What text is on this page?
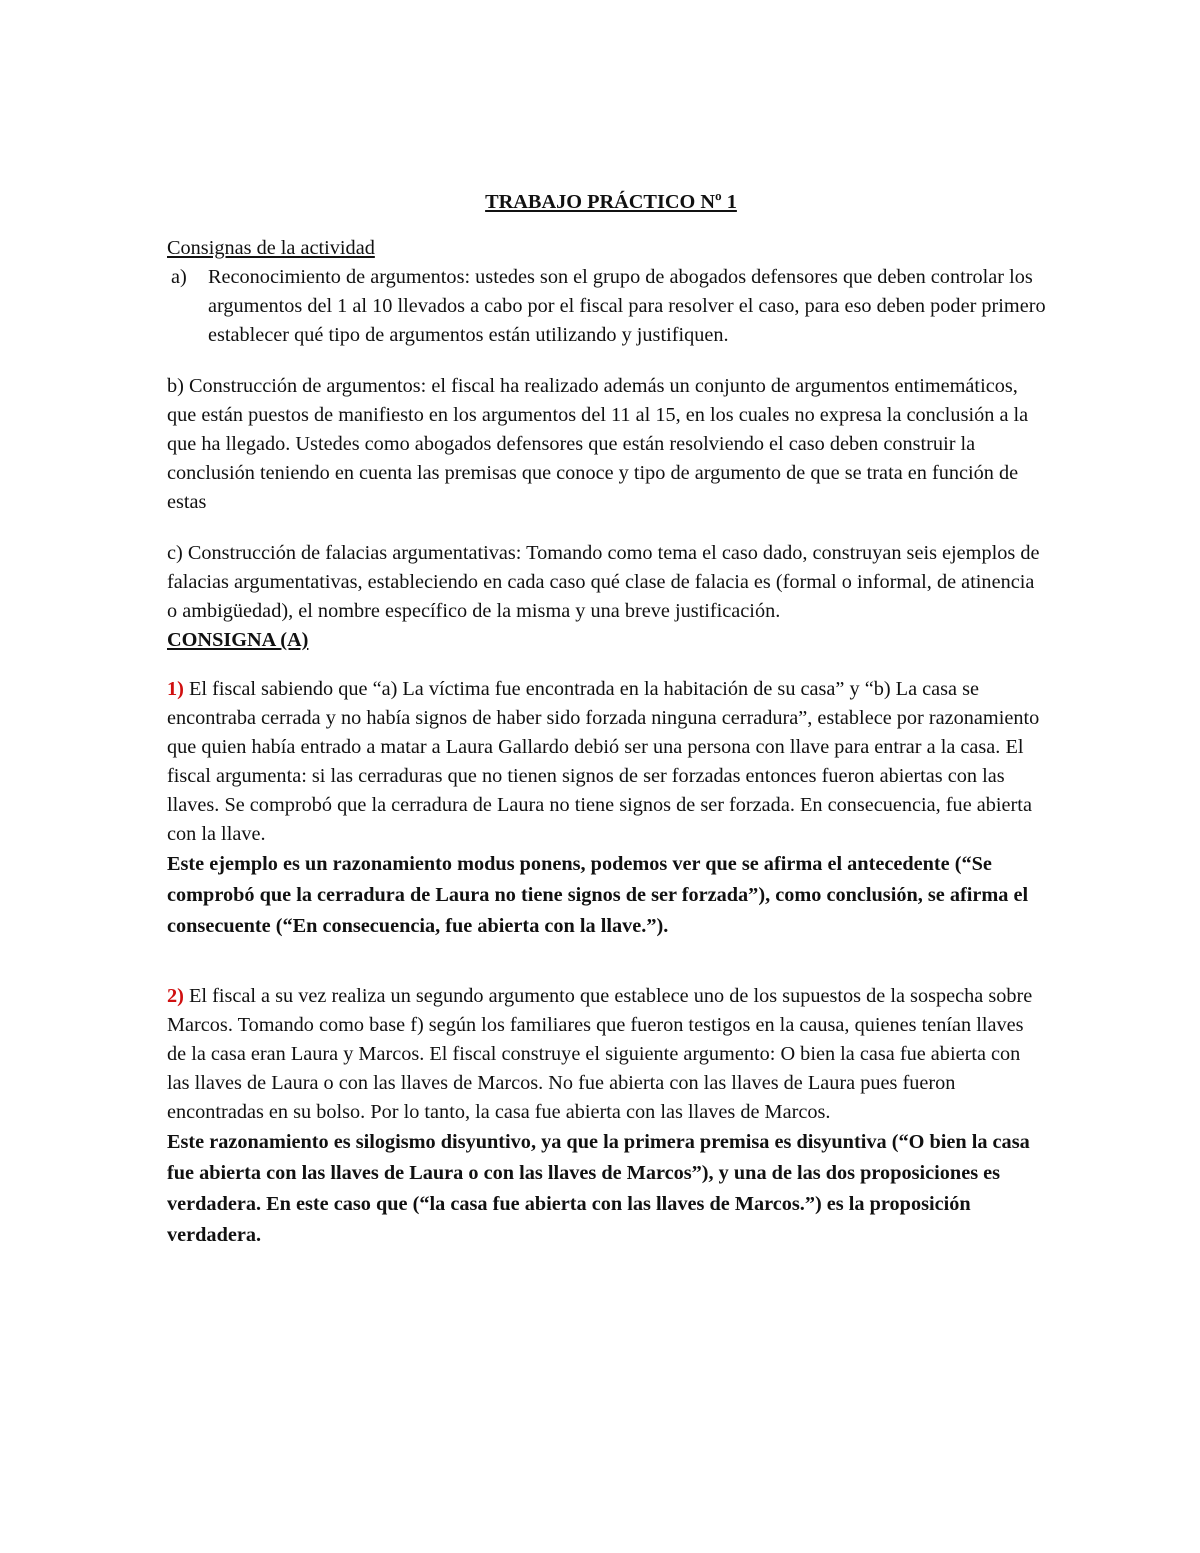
TRABAJO PRÁCTICO Nº 1

Consignas de la actividad

a) Reconocimiento de argumentos: ustedes son el grupo de abogados defensores que deben controlar los argumentos del 1 al 10 llevados a cabo por el fiscal para resolver el caso, para eso deben poder primero establecer qué tipo de argumentos están utilizando y justifiquen.

b) Construcción de argumentos: el fiscal ha realizado además un conjunto de argumentos entimemáticos, que están puestos de manifiesto en los argumentos del 11 al 15, en los cuales no expresa la conclusión a la que ha llegado. Ustedes como abogados defensores que están resolviendo el caso deben construir la conclusión teniendo en cuenta las premisas que conoce y tipo de argumento de que se trata en función de estas

c) Construcción de falacias argumentativas: Tomando como tema el caso dado, construyan seis ejemplos de falacias argumentativas, estableciendo en cada caso qué clase de falacia es (formal o informal, de atinencia o ambigüedad), el nombre específico de la misma y una breve justificación.

CONSIGNA (A)

1) El fiscal sabiendo que “a) La víctima fue encontrada en la habitación de su casa” y “b) La casa se encontraba cerrada y no había signos de haber sido forzada ninguna cerradura”, establece por razonamiento que quien había entrado a matar a Laura Gallardo debió ser una persona con llave para entrar a la casa. El fiscal argumenta: si las cerraduras que no tienen signos de ser forzadas entonces fueron abiertas con las llaves. Se comprobó que la cerradura de Laura no tiene signos de ser forzada. En consecuencia, fue abierta con la llave.
Este ejemplo es un razonamiento modus ponens, podemos ver que se afirma el antecedente (“Se comprobó que la cerradura de Laura no tiene signos de ser forzada”), como conclusión, se afirma el consecuente (“En consecuencia, fue abierta con la llave.”).

2) El fiscal a su vez realiza un segundo argumento que establece uno de los supuestos de la sospecha sobre Marcos. Tomando como base f) según los familiares que fueron testigos en la causa, quienes tenían llaves de la casa eran Laura y Marcos. El fiscal construye el siguiente argumento: O bien la casa fue abierta con las llaves de Laura o con las llaves de Marcos. No fue abierta con las llaves de Laura pues fueron encontradas en su bolso. Por lo tanto, la casa fue abierta con las llaves de Marcos.
Este razonamiento es silogismo disyuntivo, ya que la primera premisa es disyuntiva (“O bien la casa fue abierta con las llaves de Laura o con las llaves de Marcos”), y una de las dos proposiciones es verdadera. En este caso que (“la casa fue abierta con las llaves de Marcos.”) es la proposición verdadera.
